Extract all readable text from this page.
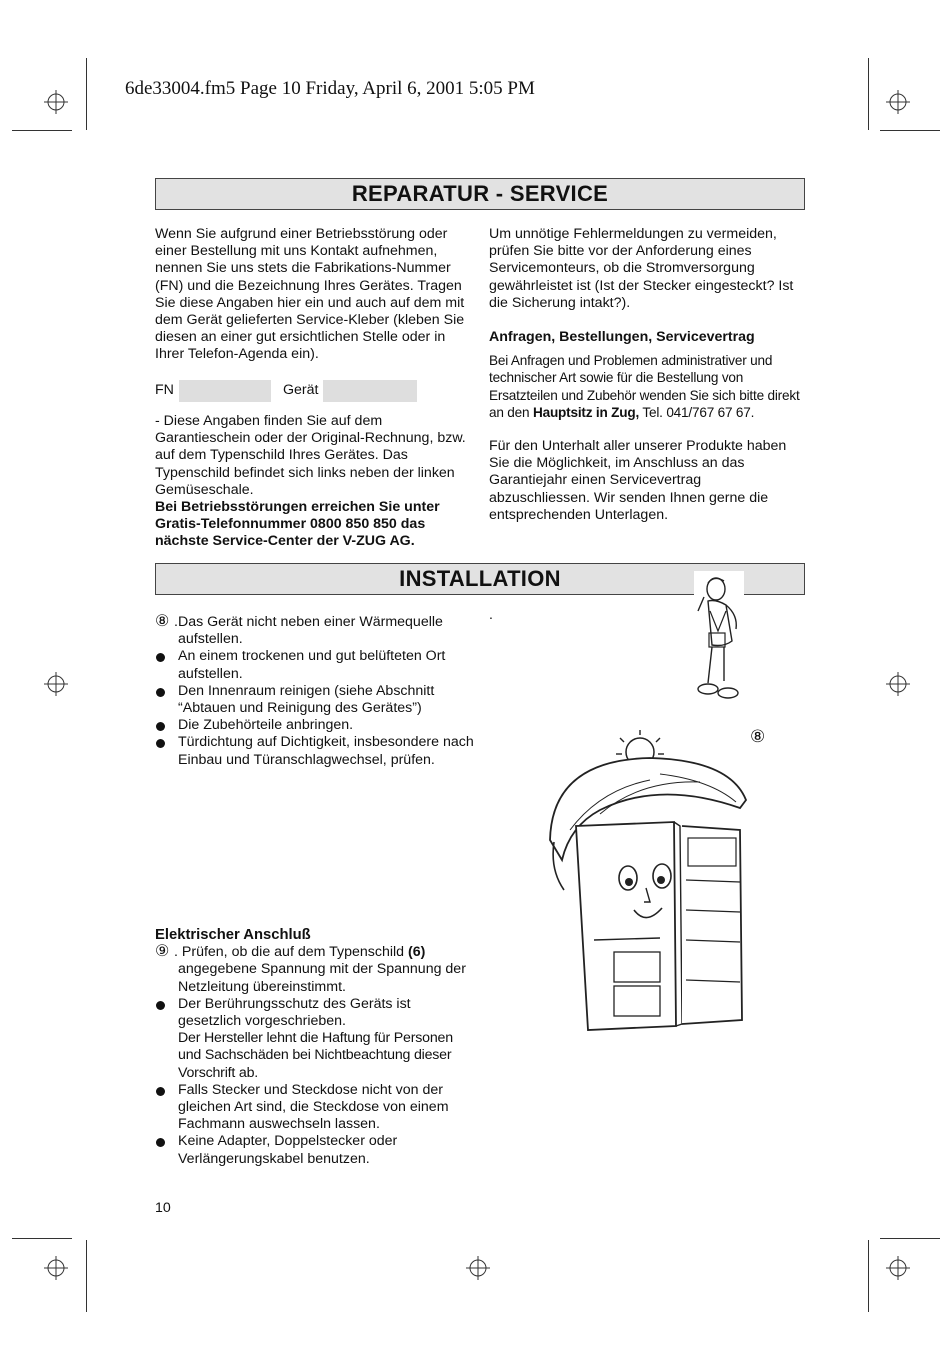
6de33004.fm5 Page 10 Friday, April 6, 2001 5:05 PM
REPARATUR - SERVICE

Wenn Sie aufgrund einer Betriebsstörung oder einer Bestellung mit uns Kontakt aufnehmen, nennen Sie uns stets die Fabrikations-Nummer (FN) und die Bezeichnung Ihres Gerätes. Tragen Sie diese Angaben hier ein und auch auf dem mit dem Gerät gelieferten Service-Kleber (kleben Sie diesen an einer gut ersichtlichen Stelle oder in Ihrer Telefon-Agenda ein).

FN	Gerät

- Diese Angaben finden Sie auf dem Garantieschein oder der Original-Rechnung, bzw. auf dem Typenschild Ihres Gerätes. Das Typenschild befindet sich links neben der linken Gemüseschale.

Bei Betriebsstörungen erreichen Sie unter Gratis-Telefonnummer 0800 850 850 das nächste Service-Center der V-ZUG AG.

Um unnötige Fehlermeldungen zu vermeiden, prüfen Sie bitte vor der Anforderung eines Servicemonteurs, ob die Stromversorgung gewährleistet ist (Ist der Stecker eingesteckt? Ist die Sicherung intakt?).

Anfragen, Bestellungen, Servicevertrag

Bei Anfragen und Problemen administrativer und technischer Art sowie für die Bestellung von Ersatzteilen und Zubehör wenden Sie sich bitte direkt an den Hauptsitz in Zug, Tel. 041/767 67 67.

Für den Unterhalt aller unserer Produkte haben Sie die Möglichkeit, im Anschluss an das Garantiejahr einen Servicevertrag abzuschliessen. Wir senden Ihnen gerne die entsprechenden Unterlagen.

INSTALLATION
⑧ .Das Gerät nicht neben einer Wärmequelle aufstellen.
An einem trockenen und gut belüfteten Ort aufstellen.
Den Innenraum reinigen (siehe Abschnitt “Abtauen und Reinigung des Gerätes”)
Die Zubehörteile anbringen.
Türdichtung auf Dichtigkeit, insbesondere nach Einbau und Türanschlagwechsel, prüfen.
.
⑧

Elektrischer Anschluß

⑨ . Prüfen, ob die auf dem Typenschild (6) angegebene Spannung mit der Spannung der Netzleitung übereinstimmt.
Der Berührungsschutz des Geräts ist gesetzlich vorgeschrieben.
Der Hersteller lehnt die Haftung für Personen und Sachschäden bei Nichtbeachtung dieser Vorschrift ab.
Falls Stecker und Steckdose nicht von der gleichen Art sind, die Steckdose von einem Fachmann auswechseln lassen.
Keine Adapter, Doppelstecker oder Verlängerungskabel benutzen.
10
